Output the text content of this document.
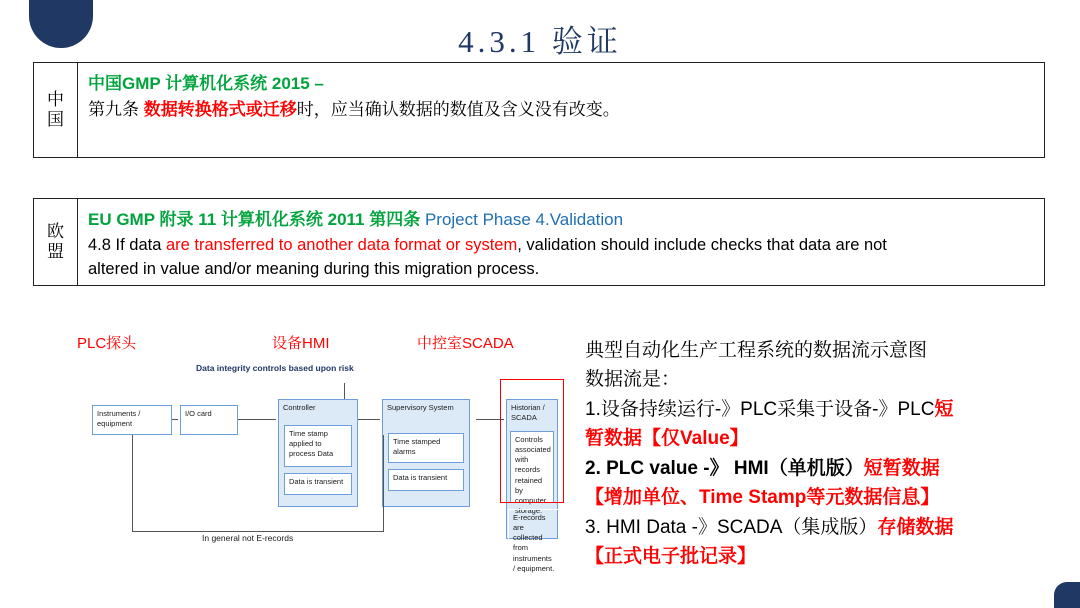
4.3.1 验证
中
国
中国GMP 计算机化系统 2015 –
第九条 数据转换格式或迁移时，应当确认数据的数值及含义没有改变。
欧
盟
EU GMP 附录 11 计算机化系统 2011 第四条 Project Phase 4.Validation
4.8 If data are transferred to another data format or system, validation should include checks that data are not
altered in value and/or meaning during this migration process.
PLC探头	设备HMI	中控室SCADA
Data integrity controls based upon risk
Instruments / equipment
I/O card
Controller
Time stamp applied to process Data
Data is transient
Supervisory System
Time stamped alarms
Data is transient
Historian / SCADA
Controls associated with records retained by computer storage.
In general not E-records
E-records are collected from instruments / equipment.
典型自动化生产工程系统的数据流示意图
数据流是：
1.设备持续运行-》PLC采集于设备-》PLC短
暂数据【仅Value】
2. PLC value -》 HMI（单机版）短暂数据
【增加单位、Time Stamp等元数据信息】
3. HMI Data -》SCADA（集成版）存储数据
【正式电子批记录】
